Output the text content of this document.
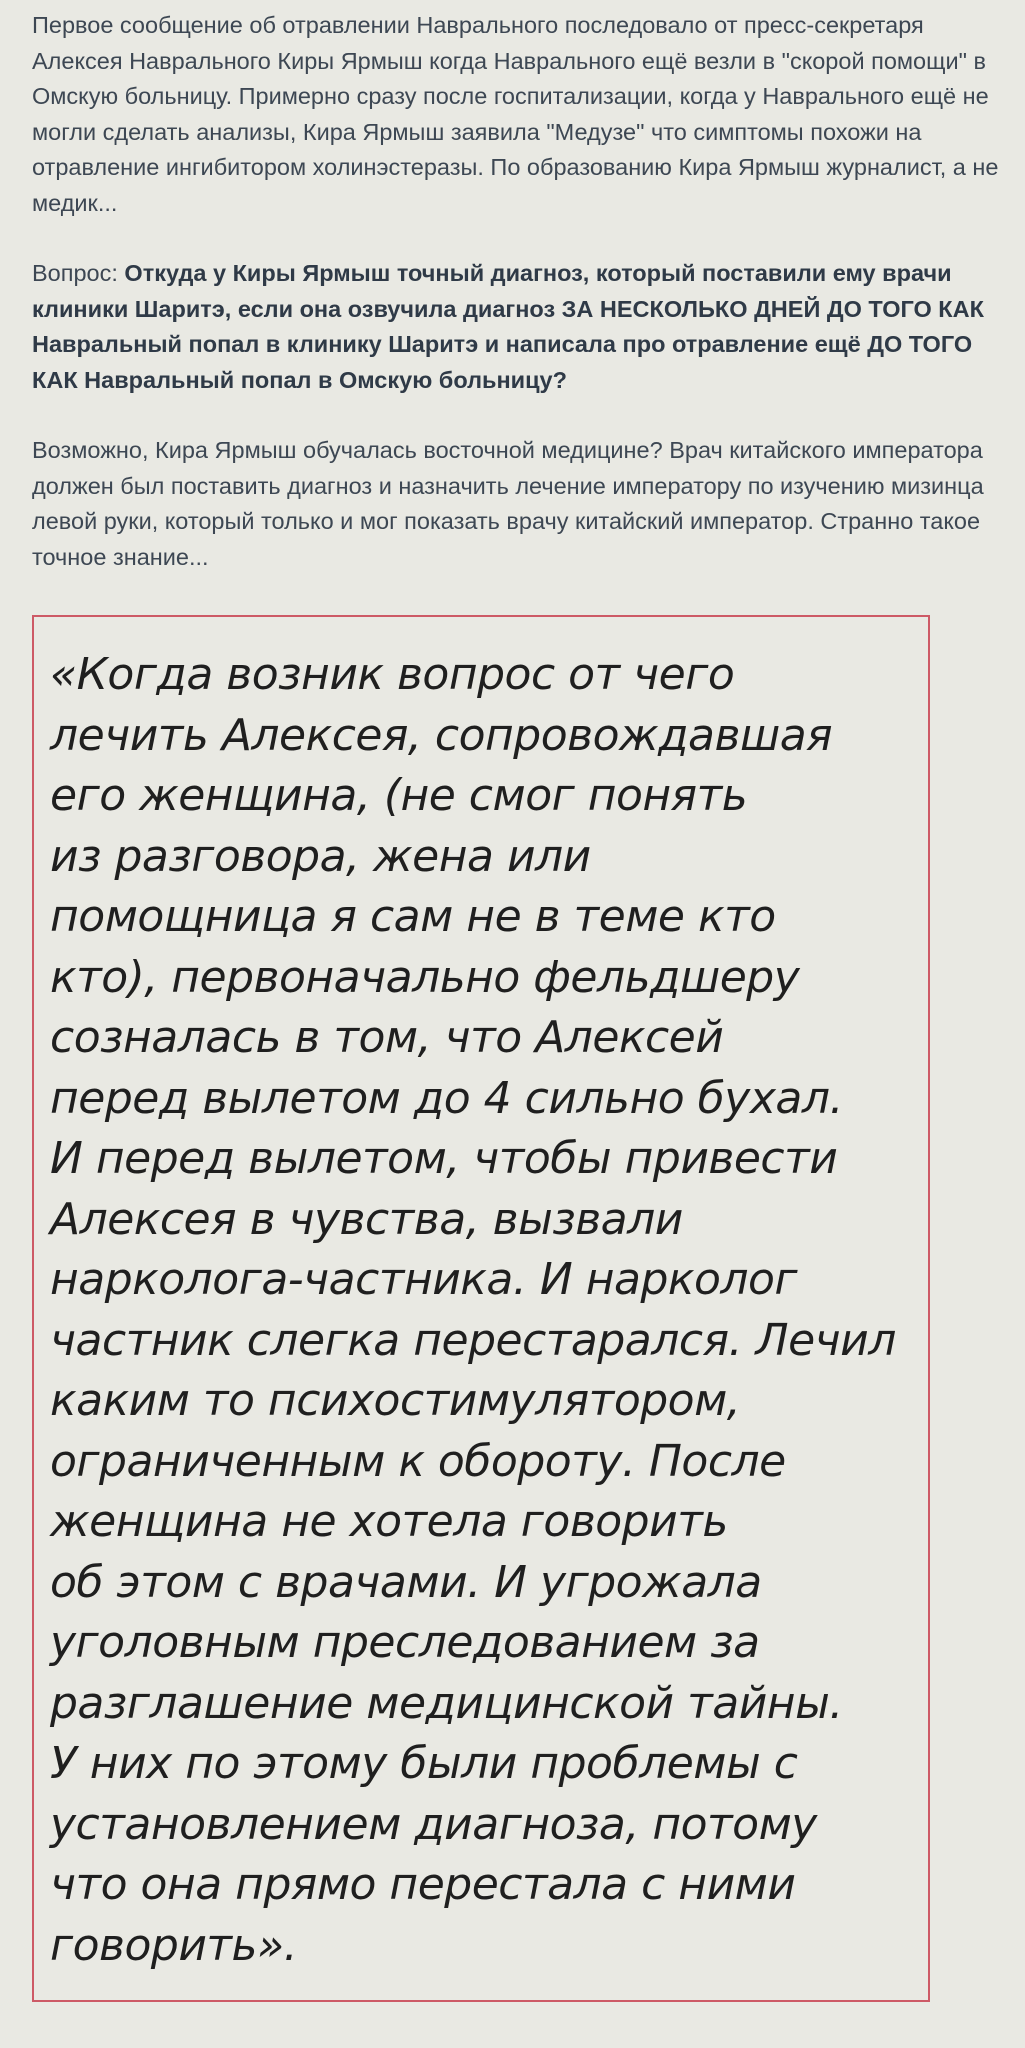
Первое сообщение об отравлении Навральнoго последовало от пресс-секретаря Алексея Навральнoго Киры Ярмыш когда Навральнoго ещё везли в "скорой помощи" в Омскую больницу. Примерно сразу после госпитализации, когда у Навральнoго ещё не могли сделать анализы, Кира Ярмыш заявила "Медузе" что симптомы похожи на отравление ингибитором холинэстеразы. По образованию Кира Ярмыш журналист, а не медик...

Вопрос: Откуда у Киры Ярмыш точный диагноз, который поставили ему врачи клиники Шаритэ, если она озвучила диагноз ЗА НЕСКОЛЬКО ДНЕЙ ДО ТОГО КАК Навральный попал в клинику Шаритэ и написала про отравление ещё ДО ТОГО КАК Навральный попал в Омскую больницу?

Возможно, Кира Ярмыш обучалась восточной медицине? Врач китайского императора должен был поставить диагноз и назначить лечение императору по изучению мизинца левой руки, который только и мог показать врачу китайский император. Странно такое точное знание...

«Когда возник вопрос от чего
лечить Алексея, сопровождавшая
его женщина, (не смог понять
из разговора, жена или
помощница я сам не в теме кто
кто), первоначально фельдшеру
созналась в том, что Алексей
перед вылетом до 4 сильно бухал.
И перед вылетом, чтобы привести
Алексея в чувства, вызвали
нарколога-частника. И нарколог
частник слегка перестарался. Лечил
каким то психостимулятором,
ограниченным к обороту. После
женщина не хотела говорить
об этом с врачами. И угрожала
уголовным преследованием за
разглашение медицинской тайны.
У них по этому были проблемы с
установлением диагноза, потому
что она прямо перестала с ними
говорить».
